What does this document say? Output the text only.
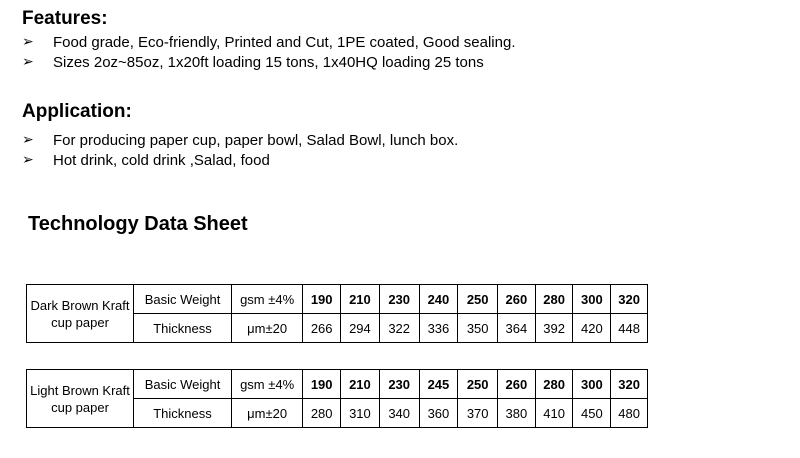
Features:
➢	Food grade, Eco-friendly, Printed and Cut, 1PE coated, Good sealing.
➢	Sizes 2oz~85oz, 1x20ft loading 15 tons, 1x40HQ loading 25 tons
Application:
➢	For producing paper cup, paper bowl, Salad Bowl, lunch box.
➢	Hot drink, cold drink ,Salad, food
Technology Data Sheet
Dark Brown Kraft cup paper	Basic Weight	gsm ±4%	190	210	230	240	250	260	280	300	320
	Thickness	μm±20	266	294	322	336	350	364	392	420	448
Light Brown Kraft cup paper	Basic Weight	gsm ±4%	190	210	230	245	250	260	280	300	320
	Thickness	μm±20	280	310	340	360	370	380	410	450	480
